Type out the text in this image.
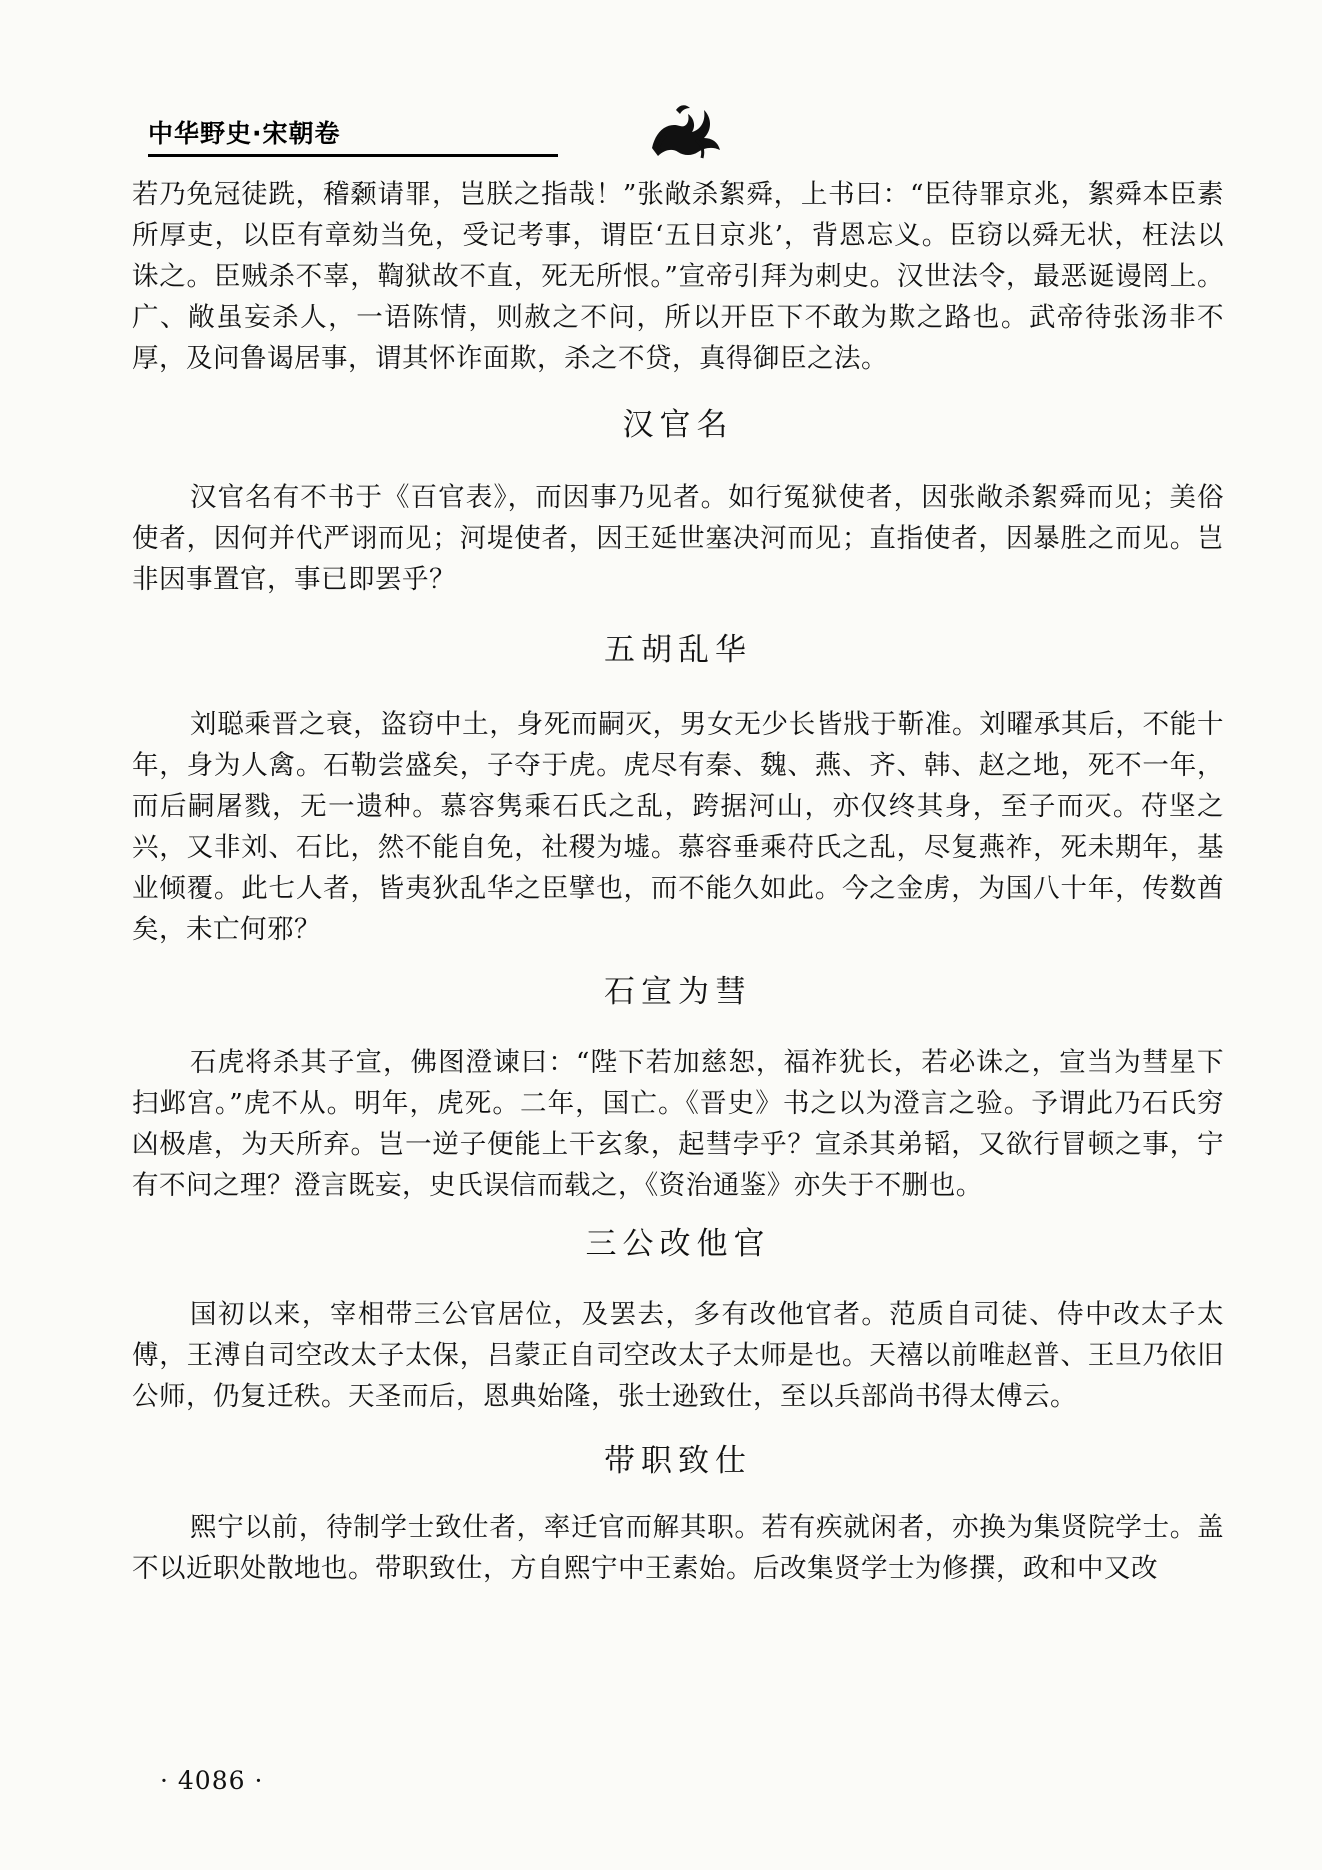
中华野史·宋朝卷

若乃免冠徒跣，稽颡请罪，岂朕之指哉！”张敞杀絮舜，上书曰：“臣待罪京兆，絮舜本臣素所厚吏，以臣有章劾当免，受记考事，谓臣‘五日京兆’，背恩忘义。臣窃以舜无状，枉法以诛之。臣贼杀不辜，鞫狱故不直，死无所恨。”宣帝引拜为刺史。汉世法令，最恶诞谩罔上。广、敞虽妄杀人，一语陈情，则赦之不问，所以开臣下不敢为欺之路也。武帝待张汤非不厚，及问鲁谒居事，谓其怀诈面欺，杀之不贷，真得御臣之法。

汉官名

汉官名有不书于《百官表》，而因事乃见者。如行冤狱使者，因张敞杀絮舜而见；美俗使者，因何并代严诩而见；河堤使者，因王延世塞决河而见；直指使者，因暴胜之而见。岂非因事置官，事已即罢乎？

五胡乱华

刘聪乘晋之衰，盗窃中土，身死而嗣灭，男女无少长皆戕于靳准。刘曜承其后，不能十年，身为人禽。石勒尝盛矣，子夺于虎。虎尽有秦、魏、燕、齐、韩、赵之地，死不一年，而后嗣屠戮，无一遗种。慕容隽乘石氏之乱，跨据河山，亦仅终其身，至子而灭。苻坚之兴，又非刘、石比，然不能自免，社稷为墟。慕容垂乘苻氏之乱，尽复燕祚，死未期年，基业倾覆。此七人者，皆夷狄乱华之臣擘也，而不能久如此。今之金虏，为国八十年，传数酋矣，未亡何邪？

石宣为彗

石虎将杀其子宣，佛图澄谏曰：“陛下若加慈恕，福祚犹长，若必诛之，宣当为彗星下扫邺宫。”虎不从。明年，虎死。二年，国亡。《晋史》书之以为澄言之验。予谓此乃石氏穷凶极虐，为天所弃。岂一逆子便能上干玄象，起彗孛乎？宣杀其弟韬，又欲行冒顿之事，宁有不问之理？澄言既妄，史氏误信而载之，《资治通鉴》亦失于不删也。

三公改他官

国初以来，宰相带三公官居位，及罢去，多有改他官者。范质自司徒、侍中改太子太傅，王溥自司空改太子太保，吕蒙正自司空改太子太师是也。天禧以前唯赵普、王旦乃依旧公师，仍复迁秩。天圣而后，恩典始隆，张士逊致仕，至以兵部尚书得太傅云。

带职致仕

熙宁以前，待制学士致仕者，率迁官而解其职。若有疾就闲者，亦换为集贤院学士。盖不以近职处散地也。带职致仕，方自熙宁中王素始。后改集贤学士为修撰，政和中又改

· 4086 ·
